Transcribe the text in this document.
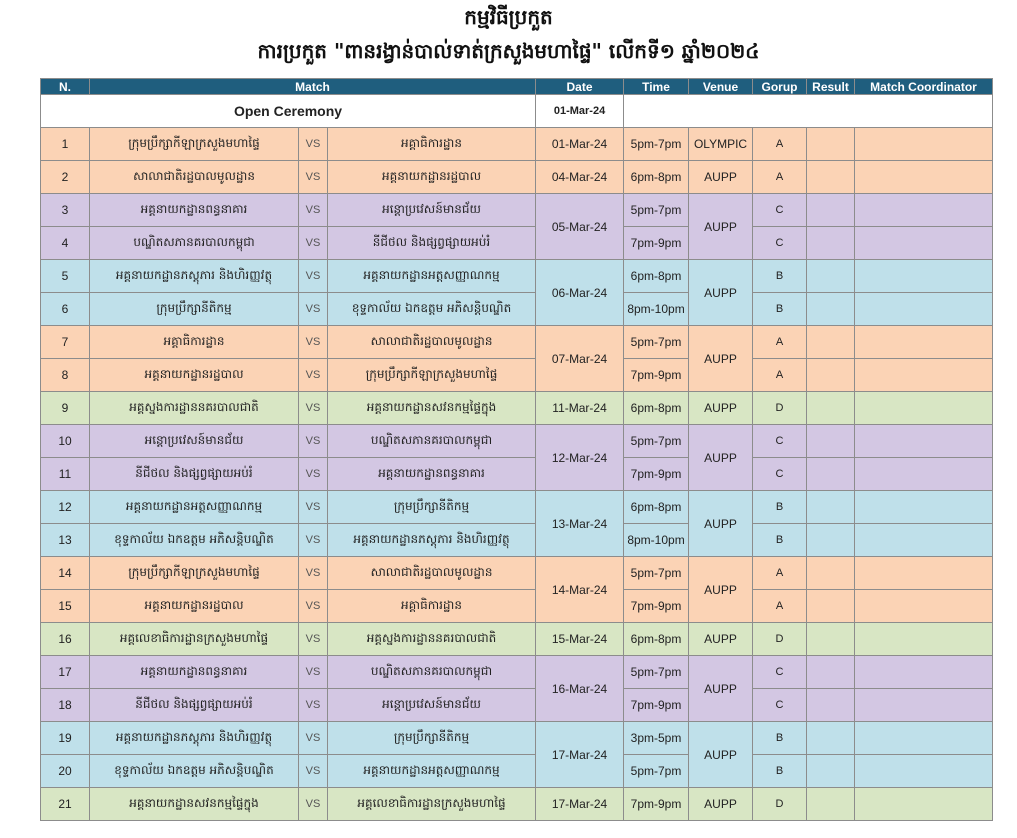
កម្មវិធីប្រកួត
ការប្រកួត "ពានរង្វាន់បាល់ទាត់ក្រសួងមហាផ្ទៃ" លើកទី១ ឆ្នាំ២០២៤
N.	Match			Date	Time	Venue	Gorup	Result	Match Coordinator
Open Ceremony				01-Mar-24					
1	ក្រុមប្រឹក្សាកីឡាក្រសួងមហាផ្ទៃ	VS	អគ្គាធិការដ្ឋាន	01-Mar-24	5pm-7pm	OLYMPIC	A		
2	សាលាជាតិរដ្ឋបាលមូលដ្ឋាន	VS	អគ្គនាយកដ្ឋានរដ្ឋបាល	04-Mar-24	6pm-8pm	AUPP	A		
3	អគ្គនាយកដ្ឋានពន្ធនាគារ	VS	អន្តោប្រវេសន៍មានជ័យ	05-Mar-24	5pm-7pm	AUPP	C		
4	បណ្ឌិតសភានគរបាលកម្ពុជា	VS	នីជីថល និងផ្សព្វផ្សាយអប់រំ		7pm-9pm		C		
5	អគ្គនាយកដ្ឋានភស្តុភារ និងហិរញ្ញវត្ថុ	VS	អគ្គនាយកដ្ឋានអត្តសញ្ញាណកម្ម	06-Mar-24	6pm-8pm	AUPP	B		
6	ក្រុមប្រឹក្សានីតិកម្ម	VS	ខុទ្ទកាល័យ ឯកឧត្តម អភិសន្តិបណ្ឌិត		8pm-10pm		B		
7	អគ្គាធិការដ្ឋាន	VS	សាលាជាតិរដ្ឋបាលមូលដ្ឋាន	07-Mar-24	5pm-7pm	AUPP	A		
8	អគ្គនាយកដ្ឋានរដ្ឋបាល	VS	ក្រុមប្រឹក្សាកីឡាក្រសួងមហាផ្ទៃ		7pm-9pm		A		
9	អគ្គស្នងការដ្ឋាននគរបាលជាតិ	VS	អគ្គនាយកដ្ឋានសវនកម្មផ្ទៃក្នុង	11-Mar-24	6pm-8pm	AUPP	D		
10	អន្តោប្រវេសន៍មានជ័យ	VS	បណ្ឌិតសភានគរបាលកម្ពុជា	12-Mar-24	5pm-7pm	AUPP	C		
11	នីជីថល និងផ្សព្វផ្សាយអប់រំ	VS	អគ្គនាយកដ្ឋានពន្ធនាគារ		7pm-9pm		C		
12	អគ្គនាយកដ្ឋានអត្តសញ្ញាណកម្ម	VS	ក្រុមប្រឹក្សានីតិកម្ម	13-Mar-24	6pm-8pm	AUPP	B		
13	ខុទ្ទកាល័យ ឯកឧត្តម អភិសន្តិបណ្ឌិត	VS	អគ្គនាយកដ្ឋានភស្តុភារ និងហិរញ្ញវត្ថុ		8pm-10pm		B		
14	ក្រុមប្រឹក្សាកីឡាក្រសួងមហាផ្ទៃ	VS	សាលាជាតិរដ្ឋបាលមូលដ្ឋាន	14-Mar-24	5pm-7pm	AUPP	A		
15	អគ្គនាយកដ្ឋានរដ្ឋបាល	VS	អគ្គាធិការដ្ឋាន		7pm-9pm		A		
16	អគ្គលេខាធិការដ្ឋានក្រសួងមហាផ្ទៃ	VS	អគ្គស្នងការដ្ឋាននគរបាលជាតិ	15-Mar-24	6pm-8pm	AUPP	D		
17	អគ្គនាយកដ្ឋានពន្ធនាគារ	VS	បណ្ឌិតសភានគរបាលកម្ពុជា	16-Mar-24	5pm-7pm	AUPP	C		
18	នីជីថល និងផ្សព្វផ្សាយអប់រំ	VS	អន្តោប្រវេសន៍មានជ័យ		7pm-9pm		C		
19	អគ្គនាយកដ្ឋានភស្តុភារ និងហិរញ្ញវត្ថុ	VS	ក្រុមប្រឹក្សានីតិកម្ម	17-Mar-24	3pm-5pm	AUPP	B		
20	ខុទ្ទកាល័យ ឯកឧត្តម អភិសន្តិបណ្ឌិត	VS	អគ្គនាយកដ្ឋានអត្តសញ្ញាណកម្ម		5pm-7pm		B		
21	អគ្គនាយកដ្ឋានសវនកម្មផ្ទៃក្នុង	VS	អគ្គលេខាធិការដ្ឋានក្រសួងមហាផ្ទៃ	17-Mar-24	7pm-9pm	AUPP	D		
